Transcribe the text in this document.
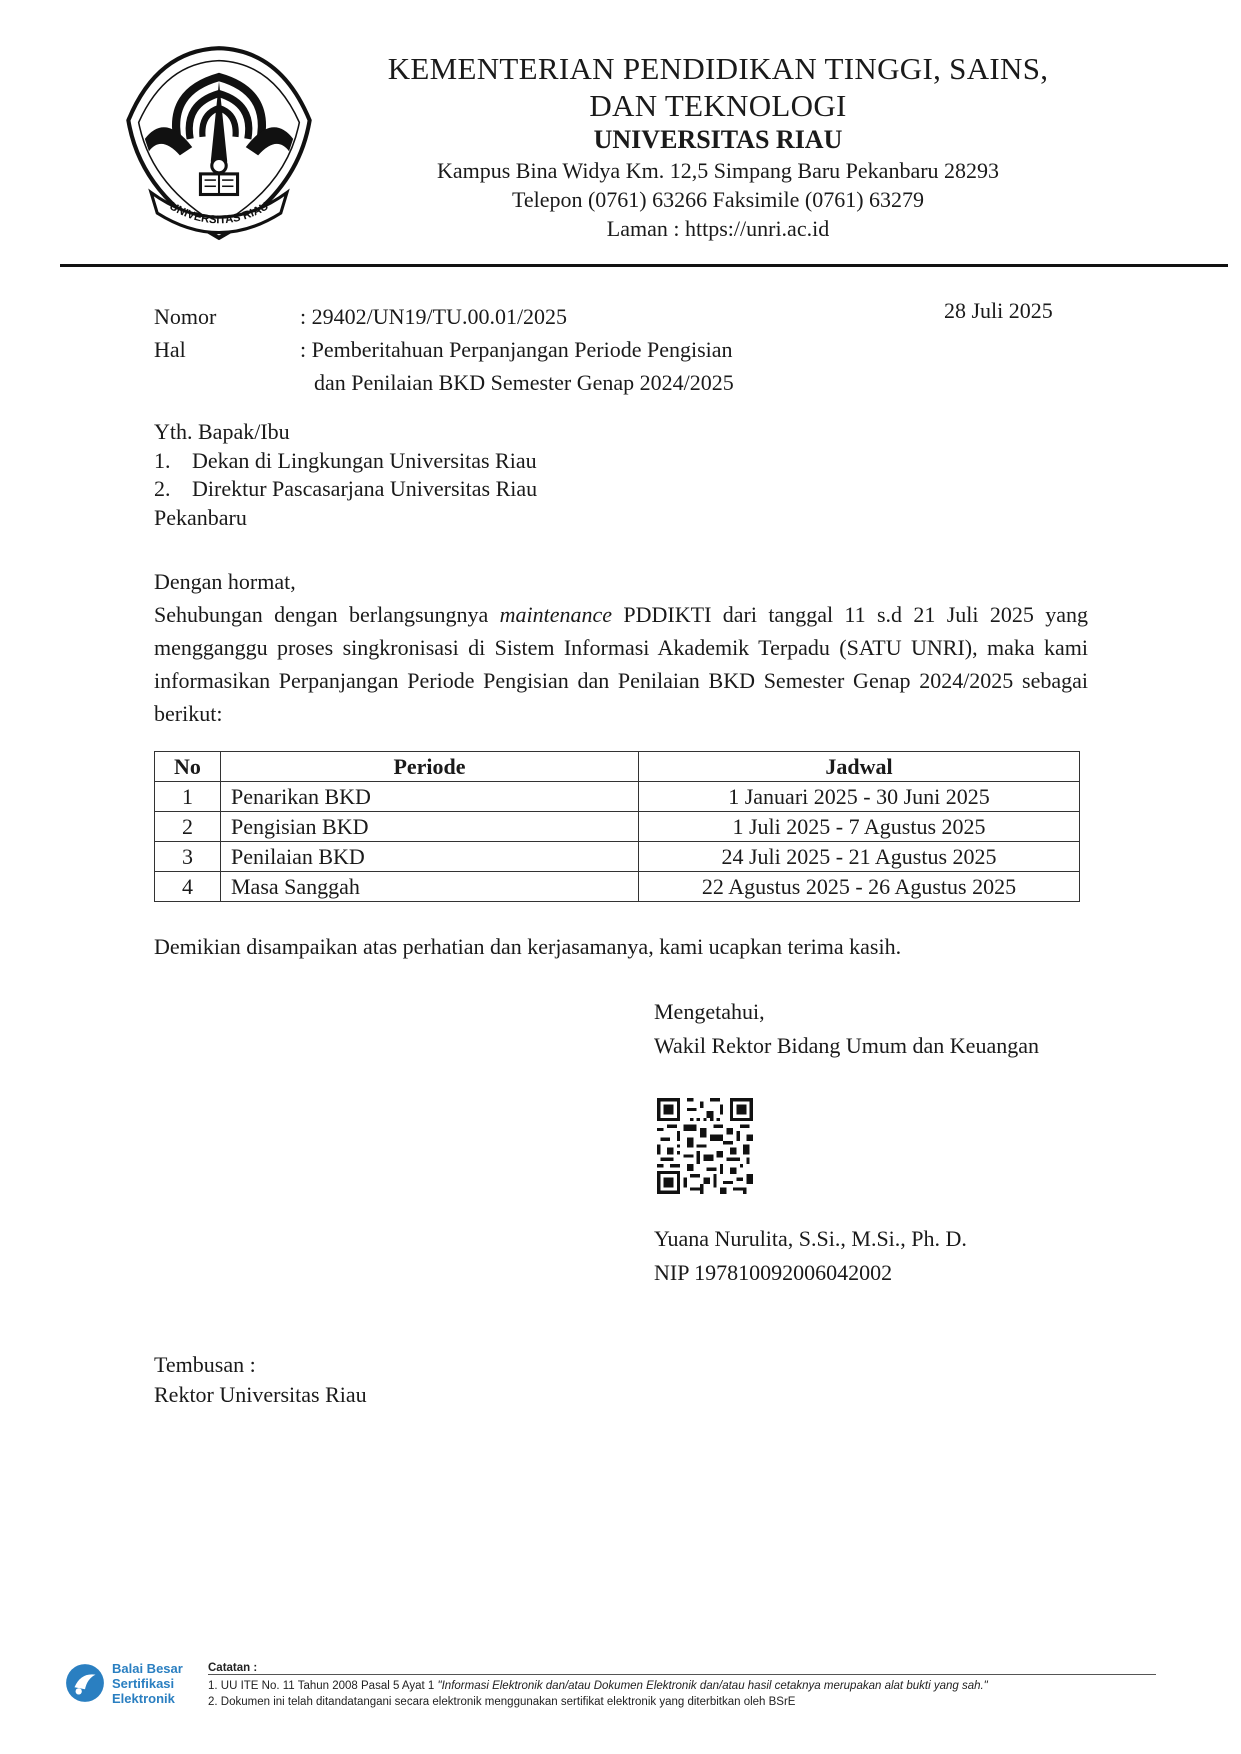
UNIVERSITAS RIAU
KEMENTERIAN PENDIDIKAN TINGGI, SAINS,
DAN TEKNOLOGI
UNIVERSITAS RIAU
Kampus Bina Widya Km. 12,5 Simpang Baru Pekanbaru 28293
Telepon (0761) 63266 Faksimile (0761) 63279
Laman : https://unri.ac.id
Nomor	: 29402/UN19/TU.00.01/2025
Hal	: Pemberitahuan Perpanjangan Periode Pengisian
dan Penilaian BKD Semester Genap 2024/2025
28 Juli 2025
Yth. Bapak/Ibu
1. Dekan di Lingkungan Universitas Riau
2. Direktur Pascasarjana Universitas Riau
Pekanbaru

Dengan hormat,

Sehubungan dengan berlangsungnya maintenance PDDIKTI dari tanggal 11 s.d 21 Juli 2025 yang mengganggu proses singkronisasi di Sistem Informasi Akademik Terpadu (SATU UNRI), maka kami informasikan Perpanjangan Periode Pengisian dan Penilaian BKD Semester Genap 2024/2025 sebagai berikut:

No	Periode	Jadwal
1	Penarikan BKD	1 Januari 2025 - 30 Juni 2025
2	Pengisian BKD	1 Juli 2025 - 7 Agustus 2025
3	Penilaian BKD	24 Juli 2025 - 21 Agustus 2025
4	Masa Sanggah	22 Agustus 2025 - 26 Agustus 2025
Demikian disampaikan atas perhatian dan kerjasamanya, kami ucapkan terima kasih.
Mengetahui,
Wakil Rektor Bidang Umum dan Keuangan
Yuana Nurulita, S.Si., M.Si., Ph. D.
NIP 197810092006042002
Tembusan :
Rektor Universitas Riau
Balai Besar
Sertifikasi
Elektronik
Catatan :
1. UU ITE No. 11 Tahun 2008 Pasal 5 Ayat 1 "Informasi Elektronik dan/atau Dokumen Elektronik dan/atau hasil cetaknya merupakan alat bukti yang sah."
2. Dokumen ini telah ditandatangani secara elektronik menggunakan sertifikat elektronik yang diterbitkan oleh BSrE
